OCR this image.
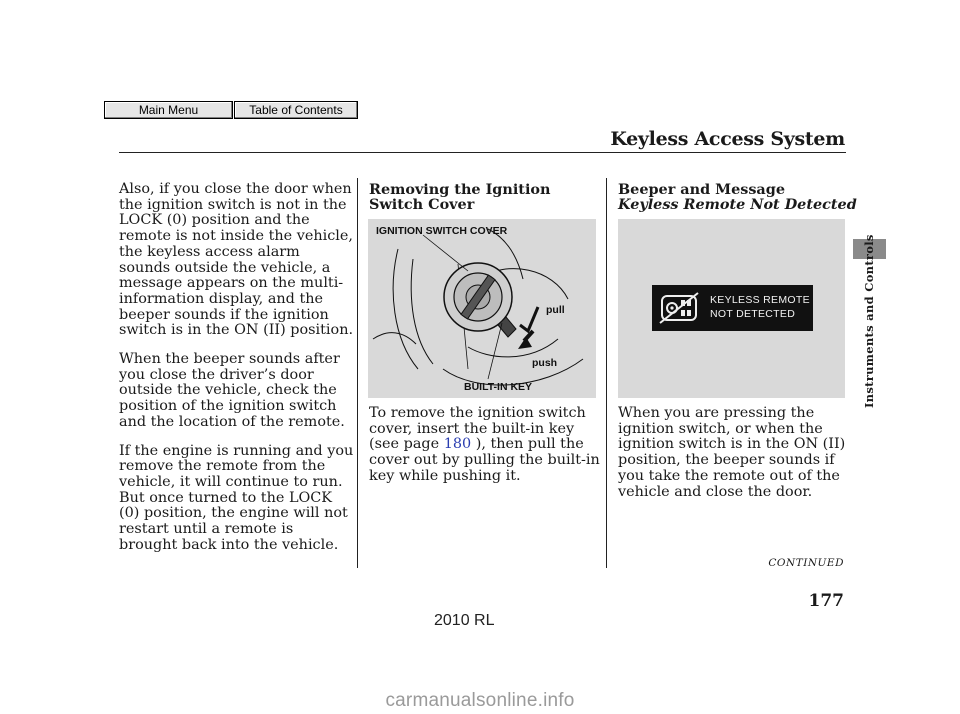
Main Menu	Table of Contents
Keyless Access System

Also, if you close the door when the ignition switch is not in the LOCK (0) position and the remote is not inside the vehicle, the keyless access alarm sounds outside the vehicle, a message appears on the multi-information display, and the beeper sounds if the ignition switch is in the ON (II) position.

When the beeper sounds after you close the driver’s door outside the vehicle, check the position of the ignition switch and the location of the remote.

If the engine is running and you remove the remote from the vehicle, it will continue to run. But once turned to the LOCK (0) position, the engine will not restart until a remote is brought back into the vehicle.

Removing the Ignition Switch Cover
IGNITION SWITCH COVER
pull
push
BUILT-IN KEY
To remove the ignition switch cover, insert the built-in key (see page 180 ), then pull the cover out by pulling the built-in key while pushing it.
Beeper and Message
Keyless Remote Not Detected
KEYLESS REMOTE
NOT DETECTED
When you are pressing the ignition switch, or when the ignition switch is in the ON (II) position, the beeper sounds if you take the remote out of the vehicle and close the door.
CONTINUED
177
2010 RL
Instruments and Controls
carmanualsonline.info
